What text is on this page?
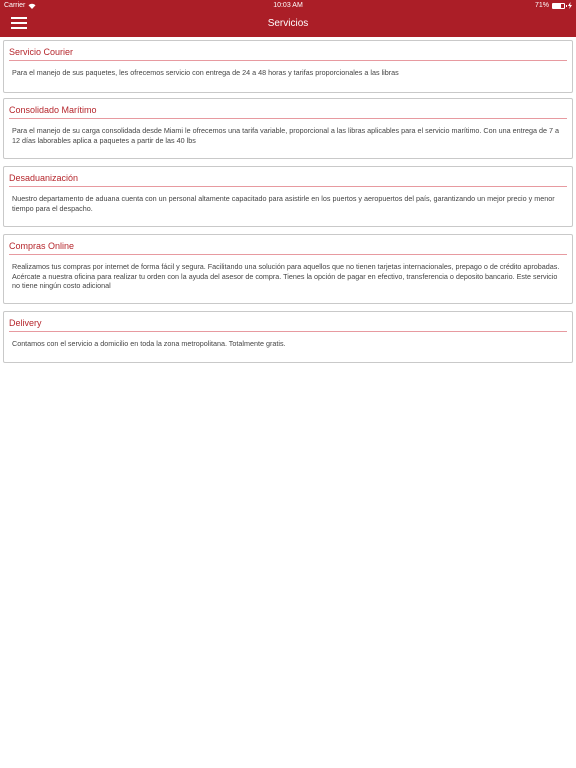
Carrier	10:03 AM	71%
Servicios
Servicio Courier
Para el manejo de sus paquetes, les ofrecemos servicio con entrega de 24 a 48 horas y tarifas proporcionales a las libras
Consolidado Marítimo
Para el manejo de su carga consolidada desde Miami le ofrecemos una tarifa variable, proporcional a las libras aplicables para el servicio marítimo. Con una entrega de 7 a 12 días laborables aplica a paquetes a partir de las 40 lbs
Desaduanización
Nuestro departamento de aduana cuenta con un personal altamente capacitado para asistirle en los puertos y aeropuertos del país, garantizando un mejor precio y menor tiempo para el despacho.
Compras Online
Realizamos tus compras por internet de forma fácil y segura. Facilitando una solución para aquellos que no tienen tarjetas internacionales, prepago o de crédito aprobadas. Acércate a nuestra oficina para realizar tu orden con la ayuda del asesor de compra. Tienes la opción de pagar en efectivo, transferencia o deposito bancario. Este servicio no tiene ningún costo adicional
Delivery
Contamos con el servicio a domicilio en toda la zona metropolitana. Totalmente gratis.
